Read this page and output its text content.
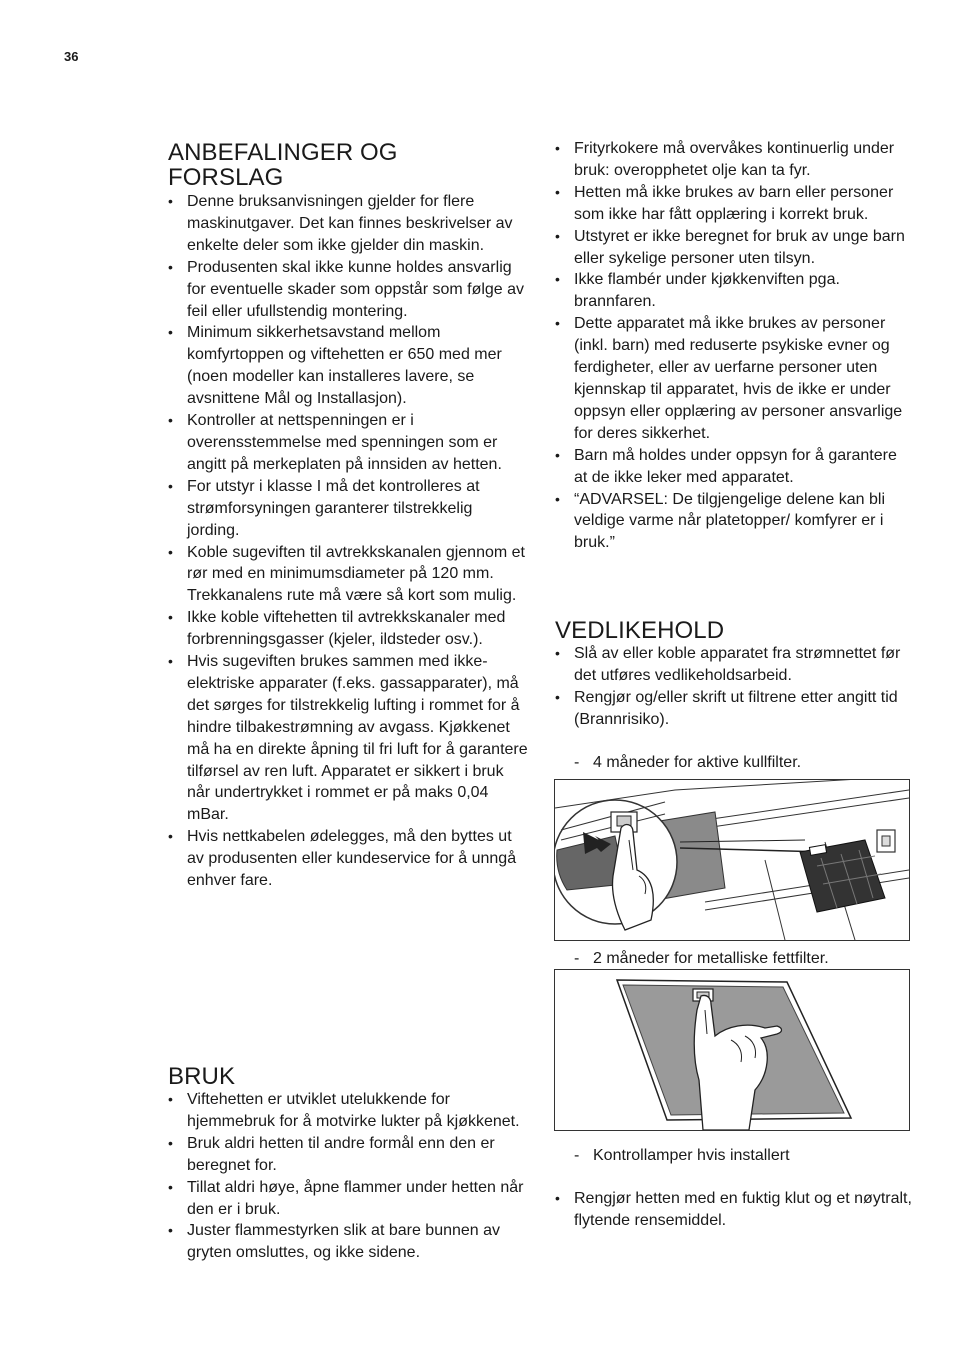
36
ANBEFALINGER OG FORSLAG
• Denne bruksanvisningen gjelder for flere maskinutgaver. Det kan finnes beskrivelser av enkelte deler som ikke gjelder din maskin.
• Produsenten skal ikke kunne holdes ansvarlig for eventuelle skader som oppstår som følge av feil eller ufullstendig montering.
• Minimum sikkerhetsavstand mellom komfyrtoppen og viftehetten er 650 med mer (noen modeller kan installeres lavere, se avsnittene Mål og Installasjon).
• Kontroller at nettspenningen er i overensstemmelse med spenningen som er angitt på merkeplaten på innsiden av hetten.
• For utstyr i klasse I må det kontrolleres at strømforsyningen garanterer tilstrekkelig jording.
• Koble sugeviften til avtrekkskanalen gjennom et rør med en minimumsdiameter på 120 mm. Trekkanalens rute må være så kort som mulig.
• Ikke koble viftehetten til avtrekkskanaler med forbrenningsgasser (kjeler, ildsteder osv.).
• Hvis sugeviften brukes sammen med ikke-elektriske apparater (f.eks. gassapparater), må det sørges for tilstrekkelig lufting i rommet for å hindre tilbakestrømning av avgass. Kjøkkenet må ha en direkte åpning til fri luft for å garantere tilførsel av ren luft. Apparatet er sikkert i bruk når undertrykket i rommet er på maks 0,04 mBar.
• Hvis nettkabelen ødelegges, må den byttes ut av produsenten eller kundeservice for å unngå enhver fare.
BRUK
• Viftehetten er utviklet utelukkende for hjemmebruk for å motvirke lukter på kjøkkenet.
• Bruk aldri hetten til andre formål enn den er beregnet for.
• Tillat aldri høye, åpne flammer under hetten når den er i bruk.
• Juster flammestyrken slik at bare bunnen av gryten omsluttes, og ikke sidene.
• Frityrkokere må overvåkes kontinuerlig under bruk: overopphetet olje kan ta fyr.
• Hetten må ikke brukes av barn eller personer som ikke har fått opplæring i korrekt bruk.
• Utstyret er ikke beregnet for bruk av unge barn eller sykelige personer uten tilsyn.
• Ikke flambér under kjøkkenviften pga. brannfaren.
• Dette apparatet må ikke brukes av personer (inkl. barn) med reduserte psykiske evner og ferdigheter, eller av uerfarne personer uten kjennskap til apparatet, hvis de ikke er under oppsyn eller opplæring av personer ansvarlige for deres sikkerhet.
• Barn må holdes under oppsyn for å garantere at de ikke leker med apparatet.
• “ADVARSEL: De tilgjengelige delene kan bli veldige varme når platetopper/ komfyrer er i bruk.”
VEDLIKEHOLD
• Slå av eller koble apparatet fra strømnettet før det utføres vedlikeholdsarbeid.
• Rengjør og/eller skrift ut filtrene etter angitt tid (Brannrisiko).
- 4 måneder for aktive kullfilter.
- 2 måneder for metalliske fettfilter.
- Kontrollamper hvis installert
• Rengjør hetten med en fuktig klut og et nøytralt, flytende rensemiddel.
